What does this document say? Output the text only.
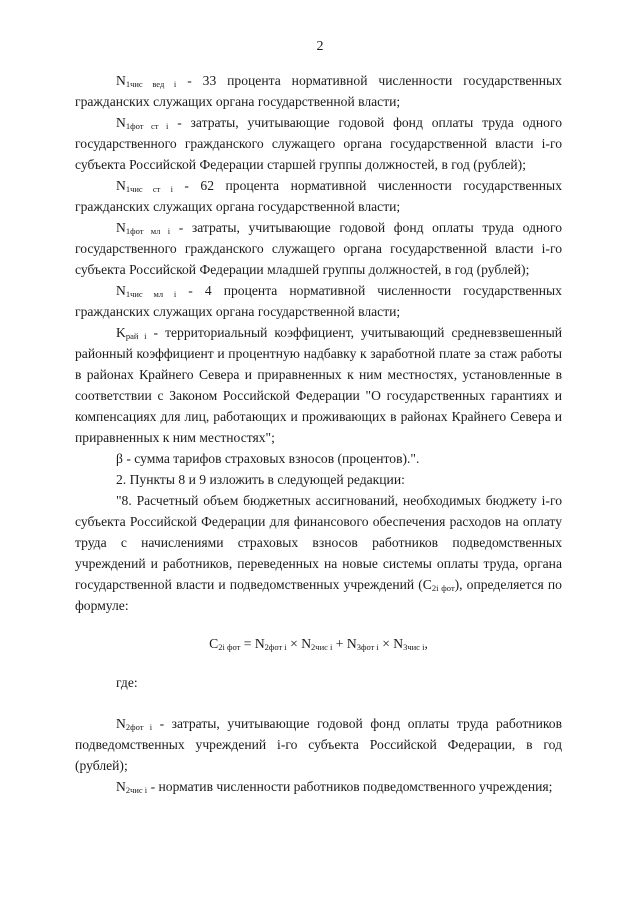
2

$N_{1чис вед i} - 33$ процента нормативной численности государственных гражданских служащих органа государственной власти;

$N_{1фот ст i}$ - затраты, учитывающие годовой фонд оплаты труда одного государственного гражданского служащего органа государственной власти i-го субъекта Российской Федерации старшей группы должностей, в год (рублей);

$N_{1чис ст i} - 62$ процента нормативной численности государственных гражданских служащих органа государственной власти;

$N_{1фот мл i}$ - затраты, учитывающие годовой фонд оплаты труда одного государственного гражданского служащего органа государственной власти i-го субъекта Российской Федерации младшей группы должностей, в год (рублей);

$N_{1чис мл i} - 4$ процента нормативной численности государственных гражданских служащих органа государственной власти;

$K_{рай i}$ - территориальный коэффициент, учитывающий средневзвешенный районный коэффициент и процентную надбавку к заработной плате за стаж работы в районах Крайнего Севера и приравненных к ним местностях, установленные в соответствии с Законом Российской Федерации "О государственных гарантиях и компенсациях для лиц, работающих и проживающих в районах Крайнего Севера и приравненных к ним местностях";

β - сумма тарифов страховых взносов (процентов).".

2. Пункты 8 и 9 изложить в следующей редакции:

"8. Расчетный объем бюджетных ассигнований, необходимых бюджету i-го субъекта Российской Федерации для финансового обеспечения расходов на оплату труда с начислениями страховых взносов работников подведомственных учреждений и работников, переведенных на новые системы оплаты труда, органа государственной власти и подведомственных учреждений $(C_{2i фот})$, определяется по формуле:

$C_{2i фот} = N_{2фот i} \times N_{2чис i} + N_{3фот i} \times N_{3чис i}$,

где:

$N_{2фот i}$ - затраты, учитывающие годовой фонд оплаты труда работников подведомственных учреждений i-го субъекта Российской Федерации, в год (рублей);

$N_{2чис i}$ - норматив численности работников подведомственного учреждения;
